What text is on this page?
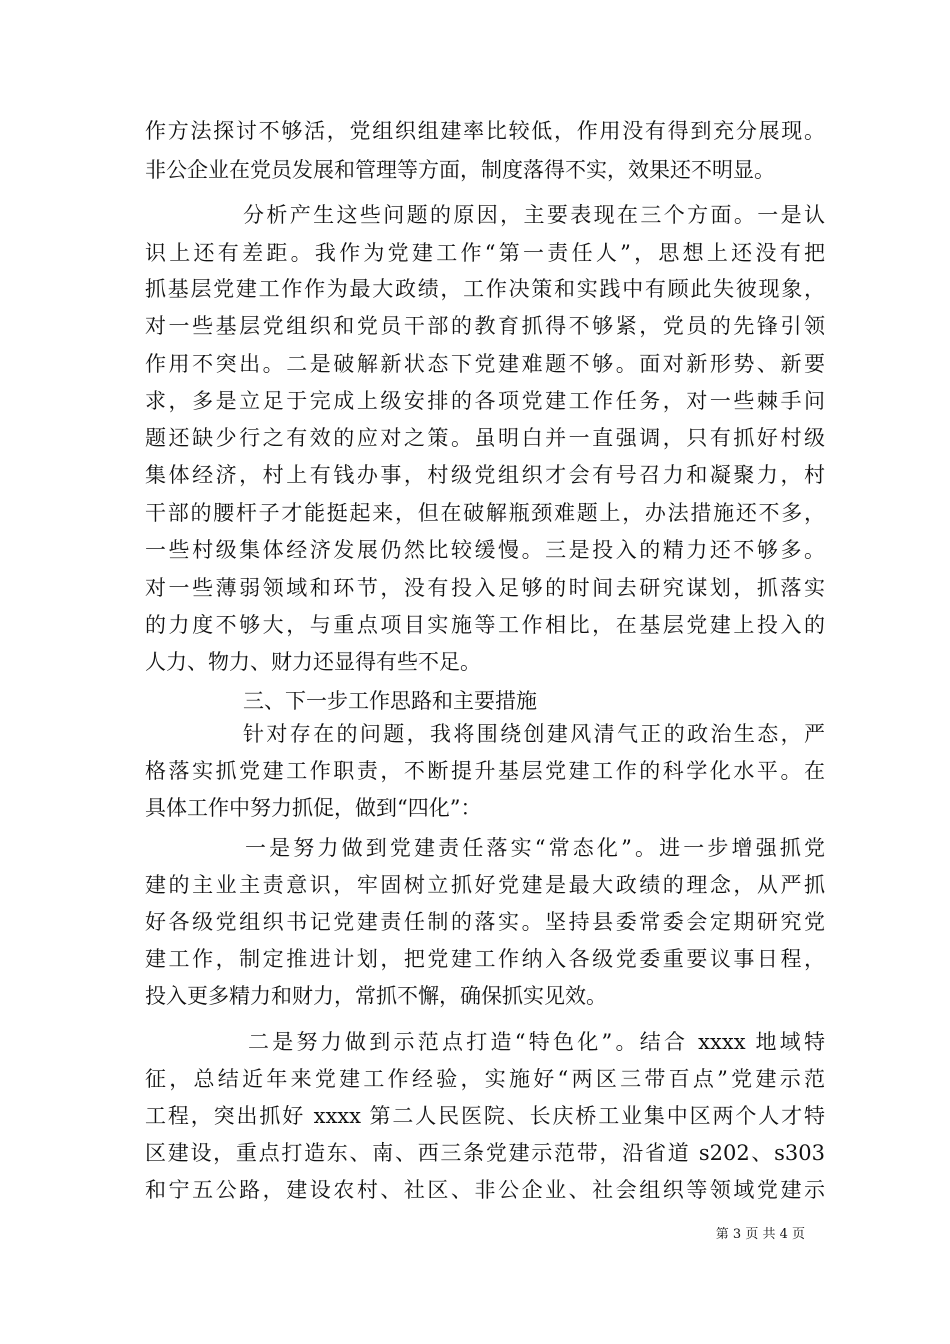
作方法探讨不够活，党组织组建率比较低，作用没有得到充分展现。
非公企业在党员发展和管理等方面，制度落得不实，效果还不明显。
分析产生这些问题的原因，主要表现在三个方面。一是认
识上还有差距。我作为党建工作“第一责任人”，思想上还没有把
抓基层党建工作作为最大政绩，工作决策和实践中有顾此失彼现象，
对一些基层党组织和党员干部的教育抓得不够紧，党员的先锋引领
作用不突出。二是破解新状态下党建难题不够。面对新形势、新要
求，多是立足于完成上级安排的各项党建工作任务，对一些棘手问
题还缺少行之有效的应对之策。虽明白并一直强调，只有抓好村级
集体经济，村上有钱办事，村级党组织才会有号召力和凝聚力，村
干部的腰杆子才能挺起来，但在破解瓶颈难题上，办法措施还不多，
一些村级集体经济发展仍然比较缓慢。三是投入的精力还不够多。
对一些薄弱领域和环节，没有投入足够的时间去研究谋划，抓落实
的力度不够大，与重点项目实施等工作相比，在基层党建上投入的
人力、物力、财力还显得有些不足。
三、下一步工作思路和主要措施
针对存在的问题，我将围绕创建风清气正的政治生态，严
格落实抓党建工作职责，不断提升基层党建工作的科学化水平。在
具体工作中努力抓促，做到“四化”：
一是努力做到党建责任落实“常态化”。进一步增强抓党
建的主业主责意识，牢固树立抓好党建是最大政绩的理念，从严抓
好各级党组织书记党建责任制的落实。坚持县委常委会定期研究党
建工作，制定推进计划，把党建工作纳入各级党委重要议事日程，
投入更多精力和财力，常抓不懈，确保抓实见效。
二是努力做到示范点打造“特色化”。结合 xxxx 地域特
征，总结近年来党建工作经验，实施好“两区三带百点”党建示范
工程，突出抓好 xxxx 第二人民医院、长庆桥工业集中区两个人才特
区建设，重点打造东、南、西三条党建示范带，沿省道 s202、s303
和宁五公路，建设农村、社区、非公企业、社会组织等领域党建示
第 3 页 共 4 页
